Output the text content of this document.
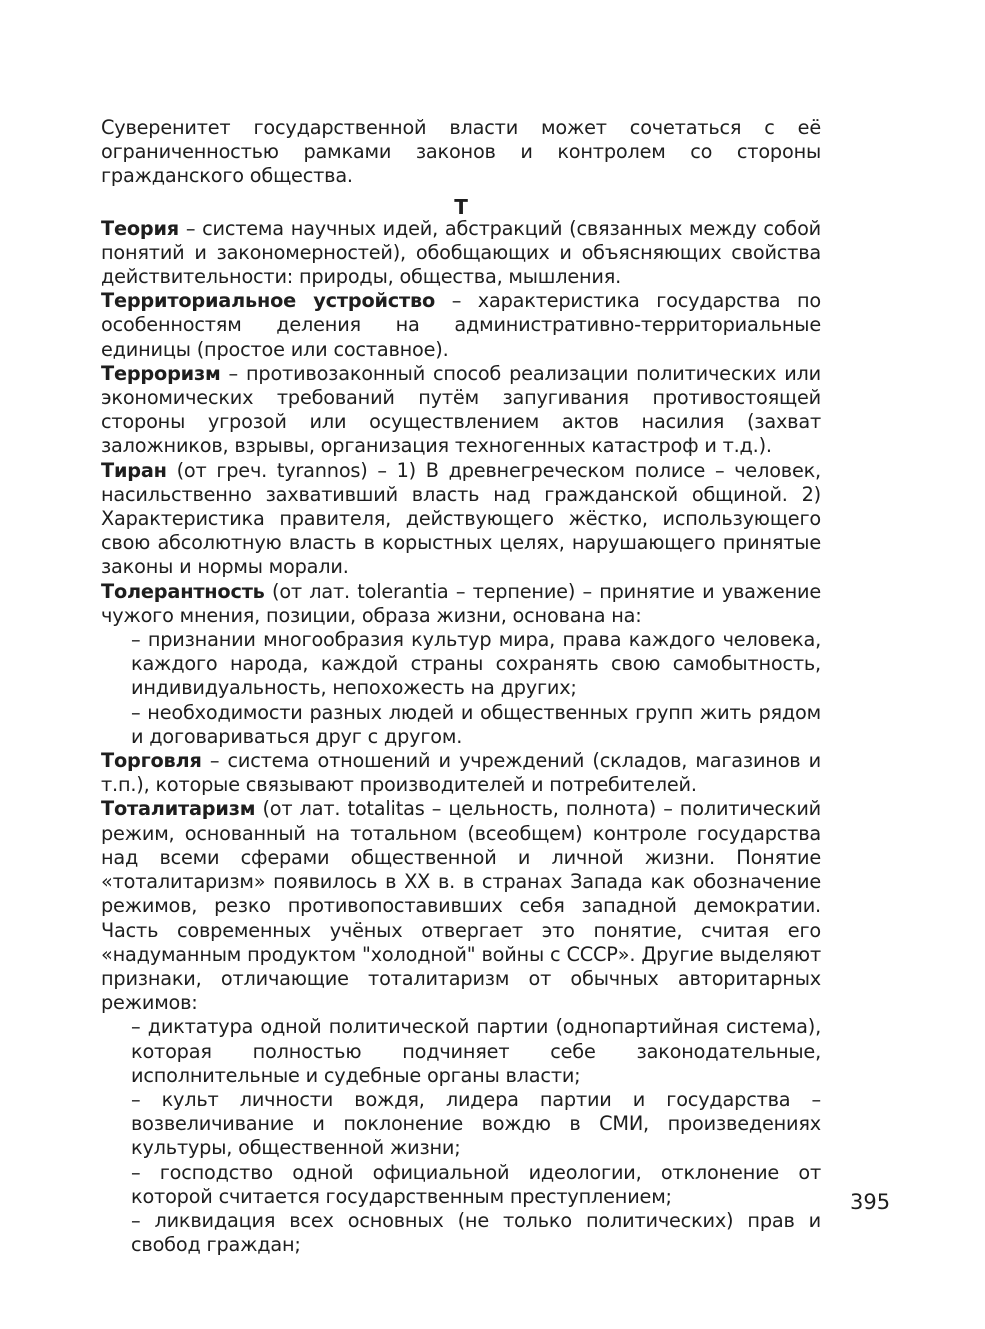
Суверенитет государственной власти может сочетаться с её ограниченностью рамками законов и контролем со стороны гражданского общества.

Т

Теория – система научных идей, абстракций (связанных между собой понятий и закономерностей), обобщающих и объясняющих свойства действительности: природы, общества, мышления.

Территориальное устройство – характеристика государства по особенностям деления на административно-территориальные единицы (простое или составное).

Терроризм – противозаконный способ реализации политических или экономических требований путём запугивания противостоящей стороны угрозой или осуществлением актов насилия (захват заложников, взрывы, организация техногенных катастроф и т.д.).

Тиран (от греч. tyrannos) – 1) В древнегреческом полисе – человек, насильственно захвативший власть над гражданской общиной. 2) Характеристика правителя, действующего жёстко, использующего свою абсолютную власть в корыстных целях, нарушающего принятые законы и нормы морали.

Толерантность (от лат. tolerantia – терпение) – принятие и уважение чужого мнения, позиции, образа жизни, основана на:

– признании многообразия культур мира, права каждого человека, каждого народа, каждой страны сохранять свою самобытность, индивидуальность, непохожесть на других;

– необходимости разных людей и общественных групп жить рядом и договариваться друг с другом.

Торговля – система отношений и учреждений (складов, магазинов и т.п.), которые связывают производителей и потребителей.

Тоталитаризм (от лат. totalitas – цельность, полнота) – политический режим, основанный на тотальном (всеобщем) контроле государства над всеми сферами общественной и личной жизни. Понятие «тоталитаризм» появилось в XX в. в странах Запада как обозначение режимов, резко противопоставивших себя западной демократии. Часть современных учёных отвергает это понятие, считая его «надуманным продуктом "холодной" войны с СССР». Другие выделяют признаки, отличающие тоталитаризм от обычных авторитарных режимов:

– диктатура одной политической партии (однопартийная система), которая полностью подчиняет себе законодательные, исполнительные и судебные органы власти;

– культ личности вождя, лидера партии и государства – возвеличивание и поклонение вождю в СМИ, произведениях культуры, общественной жизни;

– господство одной официальной идеологии, отклонение от которой считается государственным преступлением;

– ликвидация всех основных (не только политических) прав и свобод граждан;

395
